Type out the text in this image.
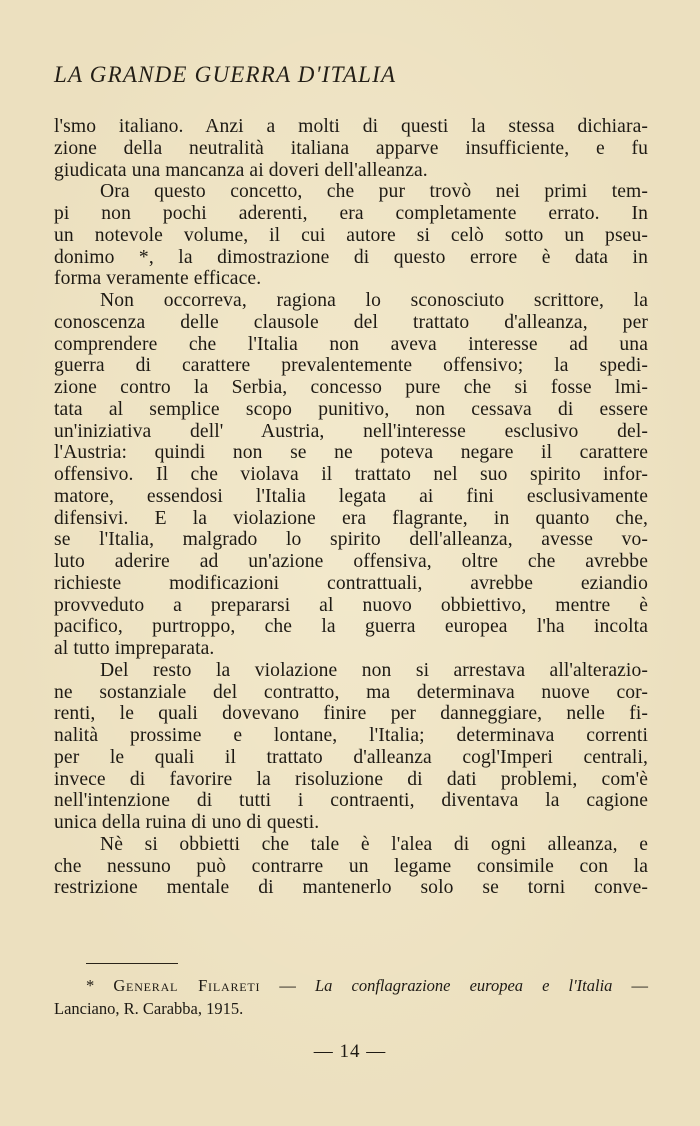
LA GRANDE GUERRA D'ITALIA
l'smo italiano. Anzi a molti di questi la stessa dichiara-
zione della neutralità italiana apparve insufficiente, e fu
giudicata una mancanza ai doveri dell'alleanza.
Ora questo concetto, che pur trovò nei primi tem-
pi non pochi aderenti, era completamente errato. In
un notevole volume, il cui autore si celò sotto un pseu-
donimo *, la dimostrazione di questo errore è data in
forma veramente efficace.
Non occorreva, ragiona lo sconosciuto scrittore, la
conoscenza delle clausole del trattato d'alleanza, per
comprendere che l'Italia non aveva interesse ad una
guerra di carattere prevalentemente offensivo; la spedi-
zione contro la Serbia, concesso pure che si fosse lmi-
tata al semplice scopo punitivo, non cessava di essere
un'iniziativa dell' Austria, nell'interesse esclusivo del-
l'Austria: quindi non se ne poteva negare il carattere
offensivo. Il che violava il trattato nel suo spirito infor-
matore, essendosi l'Italia legata ai fini esclusivamente
difensivi. E la violazione era flagrante, in quanto che,
se l'Italia, malgrado lo spirito dell'alleanza, avesse vo-
luto aderire ad un'azione offensiva, oltre che avrebbe
richieste modificazioni contrattuali, avrebbe eziandio
provveduto a prepararsi al nuovo obbiettivo, mentre è
pacifico, purtroppo, che la guerra europea l'ha incolta
al tutto impreparata.
Del resto la violazione non si arrestava all'alterazio-
ne sostanziale del contratto, ma determinava nuove cor-
renti, le quali dovevano finire per danneggiare, nelle fi-
nalità prossime e lontane, l'Italia; determinava correnti
per le quali il trattato d'alleanza cogl'Imperi centrali,
invece di favorire la risoluzione di dati problemi, com'è
nell'intenzione di tutti i contraenti, diventava la cagione
unica della ruina di uno di questi.
Nè si obbietti che tale è l'alea di ogni alleanza, e
che nessuno può contrarre un legame consimile con la
restrizione mentale di mantenerlo solo se torni conve-
* General Filareti — La conflagrazione europea e l'Italia —
Lanciano, R. Carabba, 1915.
— 14 —
